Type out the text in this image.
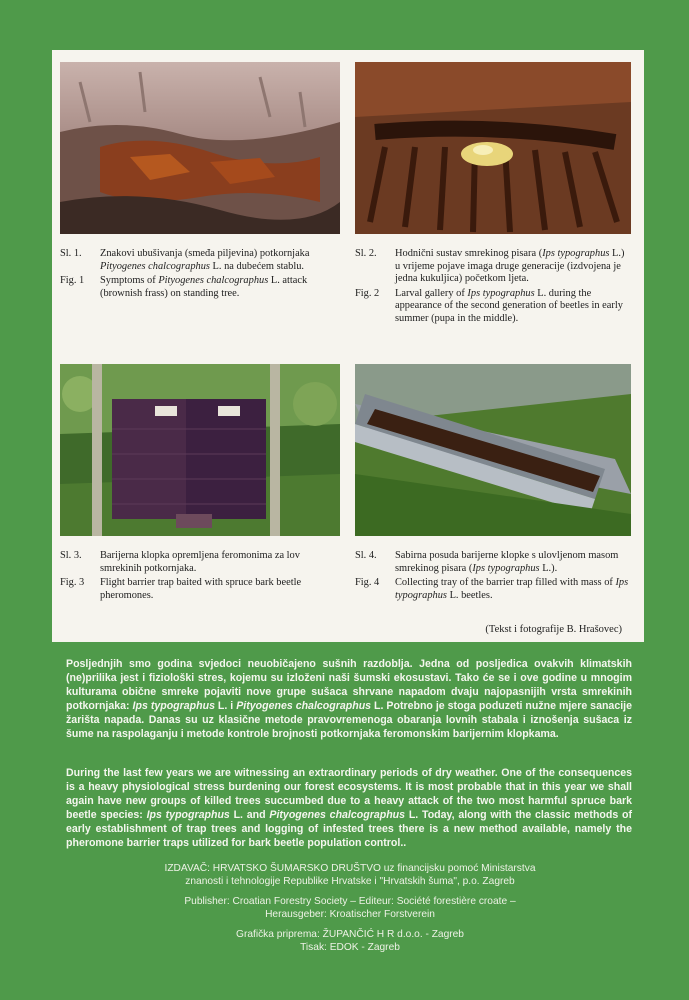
Sl. 1.	Znakovi ubušivanja (smeđa piljevina) potkornjaka Pityogenes chalcographus L. na dubećem stablu.
Fig. 1	Symptoms of Pityogenes chalcographus L. attack (brownish frass) on standing tree.
Sl. 2.	Hodnični sustav smrekinog pisara (Ips typographus L.) u vrijeme pojave imaga druge generacije (izdvojena je jedna kukuljica) početkom ljeta.
Fig. 2	Larval gallery of Ips typographus L. during the appearance of the second generation of beetles in early summer (pupa in the middle).
Sl. 3.	Barijerna klopka opremljena feromonima za lov smrekinih potkornjaka.
Fig. 3	Flight barrier trap baited with spruce bark beetle pheromones.
Sl. 4.	Sabirna posuda barijerne klopke s ulovljenom masom smrekinog pisara (Ips typographus L.).
Fig. 4	Collecting tray of the barrier trap filled with mass of Ips typographus L. beetles.
(Tekst i fotografije B. Hrašovec)

Posljednjih smo godina svjedoci neuobičajeno sušnih razdoblja. Jedna od posljedica ovakvih klimatskih (ne)prilika jest i fiziološki stres, kojemu su izloženi naši šumski ekosustavi. Tako će se i ove godine u mnogim kulturama obične smreke pojaviti nove grupe sušaca shrvane napadom dvaju najopasnijih vrsta smrekinih potkornjaka: Ips typographus L. i Pityogenes chalcographus L. Potrebno je stoga poduzeti nužne mjere sanacije žarišta napada. Danas su uz klasične metode pravovremenoga obaranja lovnih stabala i iznošenja sušaca iz šume na raspolaganju i metode kontrole brojnosti potkornjaka feromonskim barijernim klopkama.

During the last few years we are witnessing an extraordinary periods of dry weather. One of the consequences is a heavy physiological stress burdening our forest ecosystems. It is most probable that in this year we shall again have new groups of killed trees succumbed due to a heavy attack of the two most harmful spruce bark beetle species: Ips typographus L. and Pityogenes chalcographus L. Today, along with the classic methods of early establishment of trap trees and logging of infested trees there is a new method available, namely the pheromone barrier traps utilized for bark beetle population control..

IZDAVAČ: HRVATSKO ŠUMARSKO DRUŠTVO uz financijsku pomoć Ministarstva
znanosti i tehnologije Republike Hrvatske i "Hrvatskih šuma", p.o. Zagreb
Publisher: Croatian Forestry Society – Editeur: Société forestière croate –
Herausgeber: Kroatischer Forstverein
Grafička priprema: ŽUPANČIĆ H R d.o.o. - Zagreb
Tisak: EDOK - Zagreb
